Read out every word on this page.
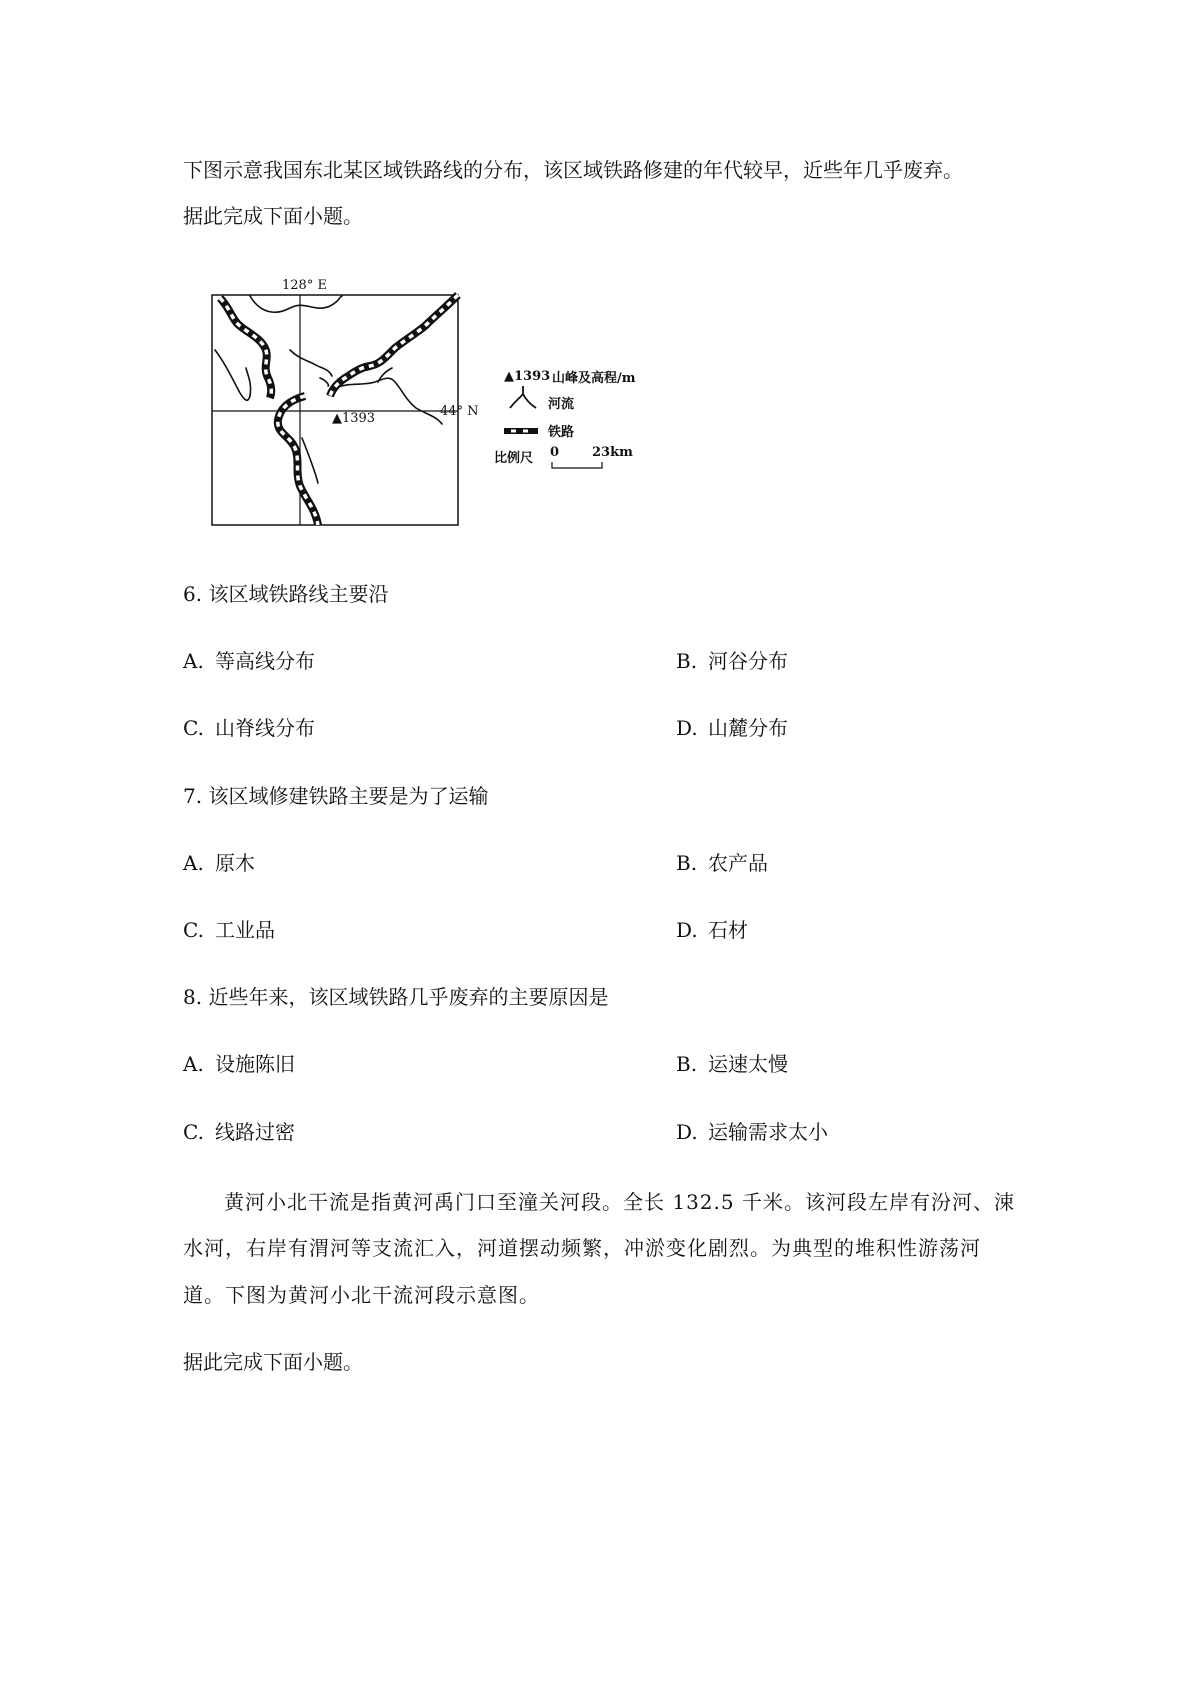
下图示意我国东北某区域铁路线的分布，该区域铁路修建的年代较早，近些年几乎废弃。
据此完成下面小题。
128° E
44° N
▲1393
▲1393 山峰及高程/m
河流
铁路
比例尺 0	23km
6. 该区域铁路线主要沿
A. 等高线分布	B. 河谷分布
C. 山脊线分布	D. 山麓分布
7. 该区域修建铁路主要是为了运输
A. 原木	B. 农产品
C. 工业品	D. 石材
8. 近些年来，该区域铁路几乎废弃的主要原因是
A. 设施陈旧	B. 运速太慢
C. 线路过密	D. 运输需求太小
黄河小北干流是指黄河禹门口至潼关河段。全长 132.5 千米。该河段左岸有汾河、涑
水河，右岸有渭河等支流汇入，河道摆动频繁，冲淤变化剧烈。为典型的堆积性游荡河
道。下图为黄河小北干流河段示意图。
据此完成下面小题。
